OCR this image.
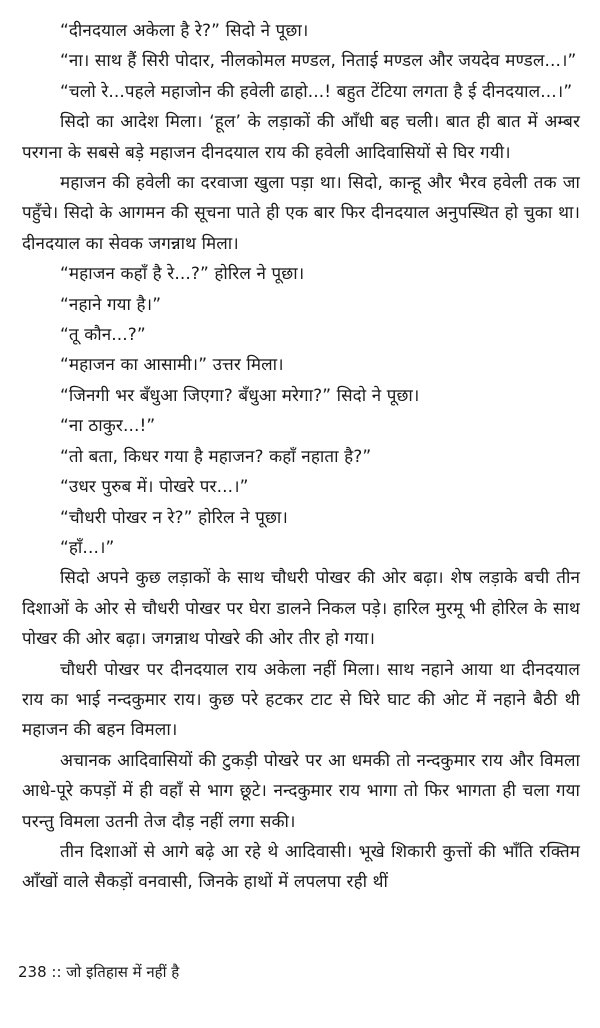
“दीनदयाल अकेला है रे?” सिदो ने पूछा।

“ना। साथ हैं सिरी पोदार, नीलकोमल मण्डल, निताई मण्डल और जयदेव मण्डल...।”

“चलो रे...पहले महाजोन की हवेली ढाहो...! बहुत टेंटिया लगता है ई दीनदयाल...।”

सिदो का आदेश मिला। ‘हूल’ के लड़ाकों की आँधी बह चली। बात ही बात में अम्बर परगना के सबसे बड़े महाजन दीनदयाल राय की हवेली आदिवासियों से घिर गयी।

महाजन की हवेली का दरवाजा खुला पड़ा था। सिदो, कान्हू और भैरव हवेली तक जा पहुँचे। सिदो के आगमन की सूचना पाते ही एक बार फिर दीनदयाल अनुपस्थित हो चुका था। दीनदयाल का सेवक जगन्नाथ मिला।

“महाजन कहाँ है रे...?” होरिल ने पूछा।

“नहाने गया है।”

“तू कौन...?”

“महाजन का आसामी।” उत्तर मिला।

“जिनगी भर बँधुआ जिएगा? बँधुआ मरेगा?” सिदो ने पूछा।

“ना ठाकुर...!”

“तो बता, किधर गया है महाजन? कहाँ नहाता है?”

“उधर पुरुब में। पोखरे पर...।”

“चौधरी पोखर न रे?” होरिल ने पूछा।

“हाँ...।”

सिदो अपने कुछ लड़ाकों के साथ चौधरी पोखर की ओर बढ़ा। शेष लड़ाके बची तीन दिशाओं के ओर से चौधरी पोखर पर घेरा डालने निकल पड़े। हारिल मुरमू भी होरिल के साथ पोखर की ओर बढ़ा। जगन्नाथ पोखरे की ओर तीर हो गया।

चौधरी पोखर पर दीनदयाल राय अकेला नहीं मिला। साथ नहाने आया था दीनदयाल राय का भाई नन्दकुमार राय। कुछ परे हटकर टाट से घिरे घाट की ओट में नहाने बैठी थी महाजन की बहन विमला।

अचानक आदिवासियों की टुकड़ी पोखरे पर आ धमकी तो नन्दकुमार राय और विमला आधे-पूरे कपड़ों में ही वहाँ से भाग छूटे। नन्दकुमार राय भागा तो फिर भागता ही चला गया परन्तु विमला उतनी तेज दौड़ नहीं लगा सकी।

तीन दिशाओं से आगे बढ़े आ रहे थे आदिवासी। भूखे शिकारी कुत्तों की भाँति रक्तिम आँखों वाले सैकड़ों वनवासी, जिनके हाथों में लपलपा रही थीं

238 :: जो इतिहास में नहीं है
